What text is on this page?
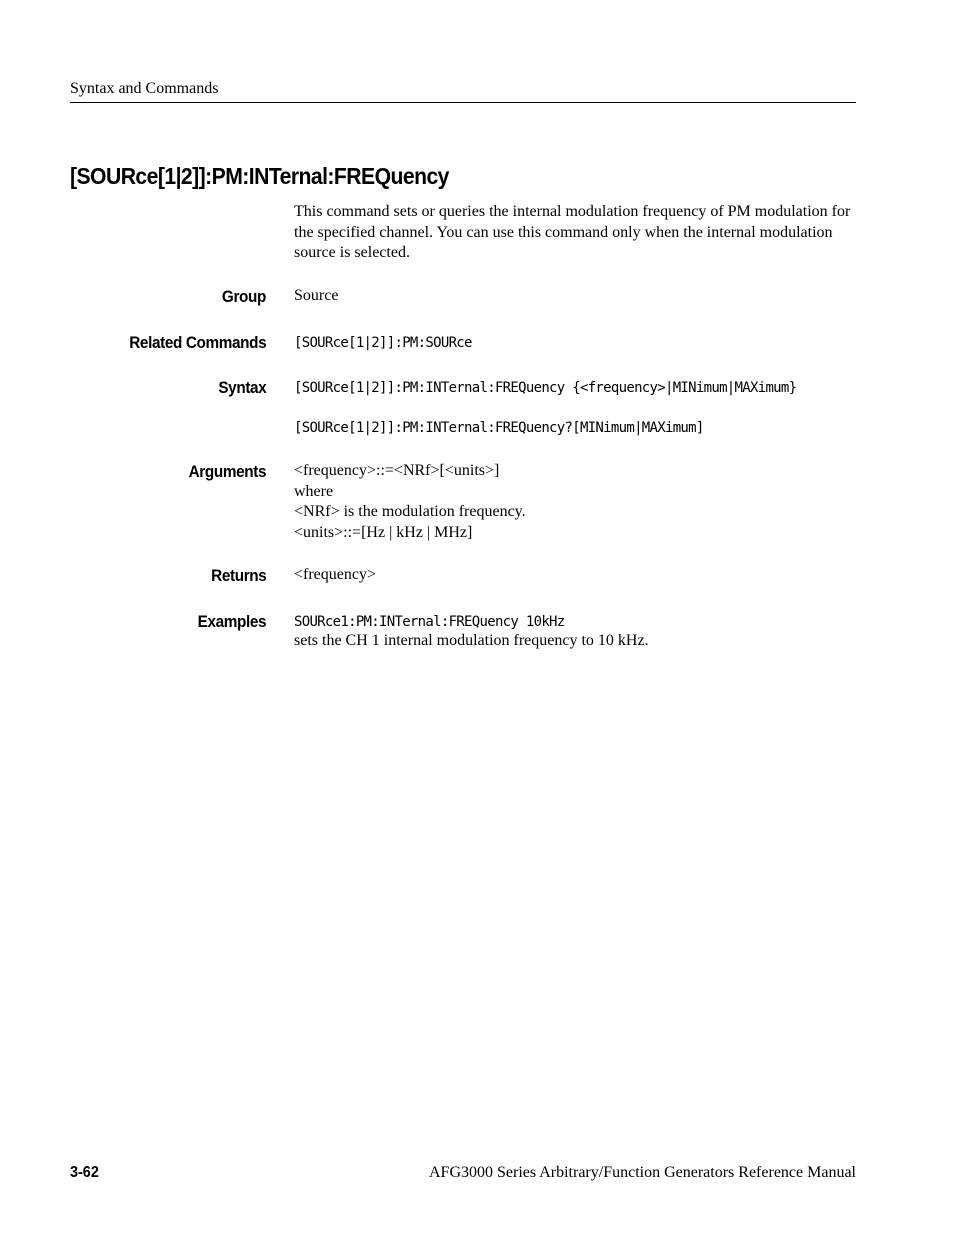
Syntax and Commands
[SOURce[1|2]]:PM:INTernal:FREQuency

This command sets or queries the internal modulation frequency of PM modulation for the specified channel. You can use this command only when the internal modulation source is selected.

Group Source
Related Commands [SOURce[1|2]]:PM:SOURce
Syntax [SOURce[1|2]]:PM:INTernal:FREQuency {<frequency>|MINimum|MAXimum}
[SOURce[1|2]]:PM:INTernal:FREQuency?[MINimum|MAXimum]
Arguments <frequency>::=<NRf>[<units>]
where
<NRf> is the modulation frequency.
<units>::=[Hz | kHz | MHz]
Returns <frequency>
Examples SOURce1:PM:INTernal:FREQuency 10kHz
sets the CH 1 internal modulation frequency to 10 kHz.
3-62	AFG3000 Series Arbitrary/Function Generators Reference Manual
